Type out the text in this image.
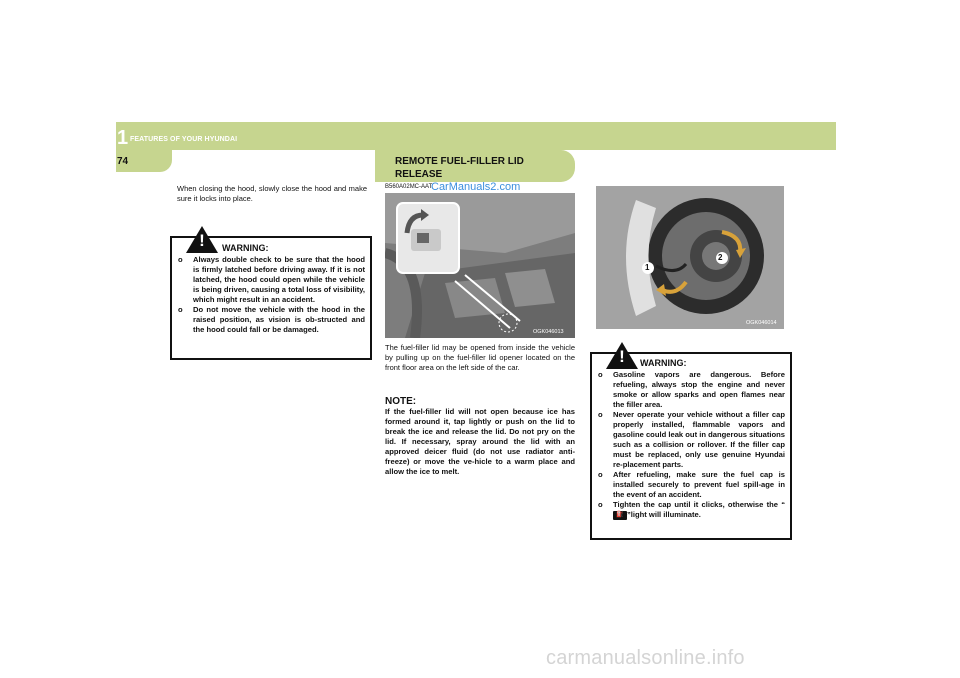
1 FEATURES OF YOUR HYUNDAI
74
When closing the hood, slowly close the hood and make sure it locks into place.
!	WARNING:
o Always double check to be sure that the hood is firmly latched before driving away. If it is not latched, the hood could open while the vehicle is being driven, causing a total loss of visibility, which might result in an accident.
o Do not move the vehicle with the hood in the raised position, as vision is ob-structed and the hood could fall or be damaged.
REMOTE FUEL-FILLER LID RELEASE
B560A02MC-AAT
CarManuals2.com
OGK046013
The fuel-filler lid may be opened from inside the vehicle by pulling up on the fuel-filler lid opener located on the front floor area on the left side of the car.
NOTE:
If the fuel-filler lid will not open because ice has formed around it, tap lightly or push on the lid to break the ice and release the lid. Do not pry on the lid. If necessary, spray around the lid with an approved deicer fluid (do not use radiator anti-freeze) or move the ve-hicle to a warm place and allow the ice to melt.
2
1
OGK046014
!	WARNING:
o Gasoline vapors are dangerous. Before refueling, always stop the engine and never smoke or allow sparks and open flames near the filler area.
o Never operate your vehicle without a filler cap properly installed, flammable vapors and gasoline could leak out in dangerous situations such as a collision or rollover. If the filler cap must be replaced, only use genuine Hyundai re-placement parts.
o After refueling, make sure the fuel cap is installed securely to prevent fuel spill-age in the event of an accident.
o Tighten the cap until it clicks, otherwise the “⛽ ”light will illuminate.
carmanualsonline.info
